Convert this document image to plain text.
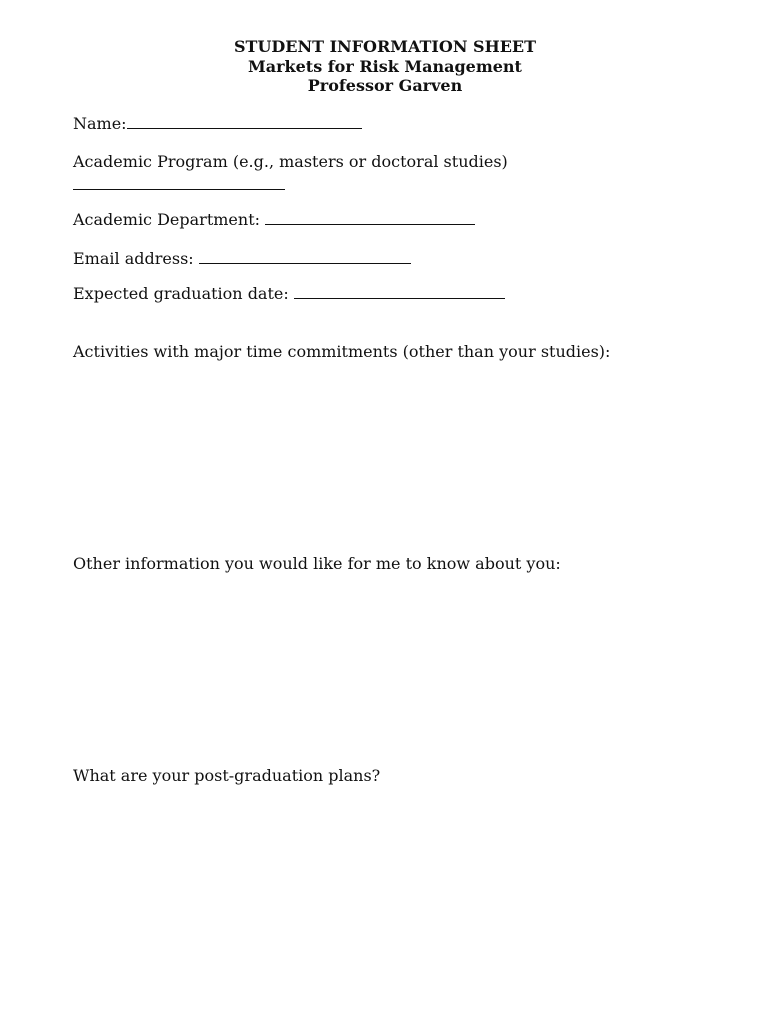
STUDENT INFORMATION SHEET
Markets for Risk Management
Professor Garven
Name:
Academic Program (e.g., masters or doctoral studies)
Academic Department:
Email address:
Expected graduation date:
Activities with major time commitments (other than your studies):
Other information you would like for me to know about you:
What are your post-graduation plans?
